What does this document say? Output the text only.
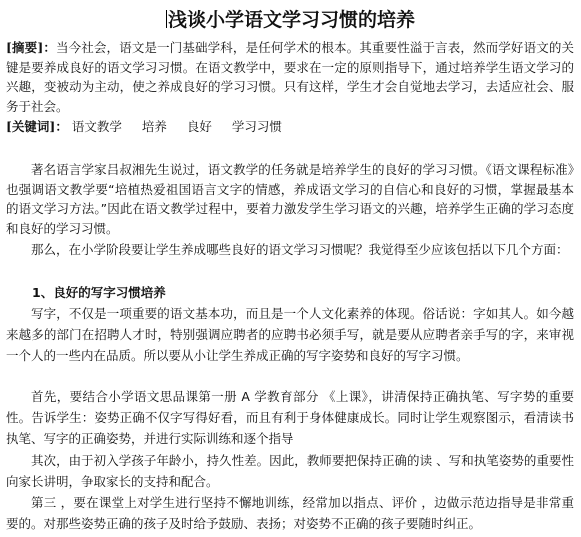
浅谈小学语文学习习惯的培养
[摘要]：当今社会，语文是一门基础学科，是任何学术的根本。其重要性溢于言表，然而学好语文的关键是要养成良好的语文学习习惯。在语文教学中，要求在一定的原则指导下，通过培养学生语文学习的兴趣，变被动为主动，使之养成良好的学习习惯。只有这样，学生才会自觉地去学习，去适应社会、服务于社会。
[关键词]： 语文教学 培养 良好 学习习惯
著名语言学家吕叔湘先生说过，语文教学的任务就是培养学生的良好的学习习惯。《语文课程标准》也强调语文教学要“培植热爱祖国语言文字的情感，养成语文学习的自信心和良好的习惯，掌握最基本的语文学习方法。”因此在语文教学过程中，要着力激发学生学习语文的兴趣，培养学生正确的学习态度和良好的学习习惯。
那么，在小学阶段要让学生养成哪些良好的语文学习习惯呢？我觉得至少应该包括以下几个方面：
1、良好的写字习惯培养
写字，不仅是一项重要的语文基本功，而且是一个人文化素养的体现。俗话说：字如其人。如今越来越多的部门在招聘人才时，特别强调应聘者的应聘书必须手写，就是要从应聘者亲手写的字，来审视一个人的一些内在品质。所以要从小让学生养成正确的写字姿势和良好的写字习惯。
首先，要结合小学语文思品课第一册 A 学教育部分 《上课》，讲清保持正确执笔、写字势的重要性。告诉学生：姿势正确不仅字写得好看，而且有利于身体健康成长。同时让学生观察图示，看清读书执笔、写字的正确姿势，并进行实际训练和逐个指导
其次，由于初入学孩子年龄小，持久性差。因此，教师要把保持正确的读 、写和执笔姿势的重要性向家长讲明，争取家长的支持和配合。
第三 ，要在课堂上对学生进行坚持不懈地训练，经常加以指点、评价 ，边做示范边指导是非常重要的。对那些姿势正确的孩子及时给予鼓励、表扬；对姿势不正确的孩子要随时纠正。
